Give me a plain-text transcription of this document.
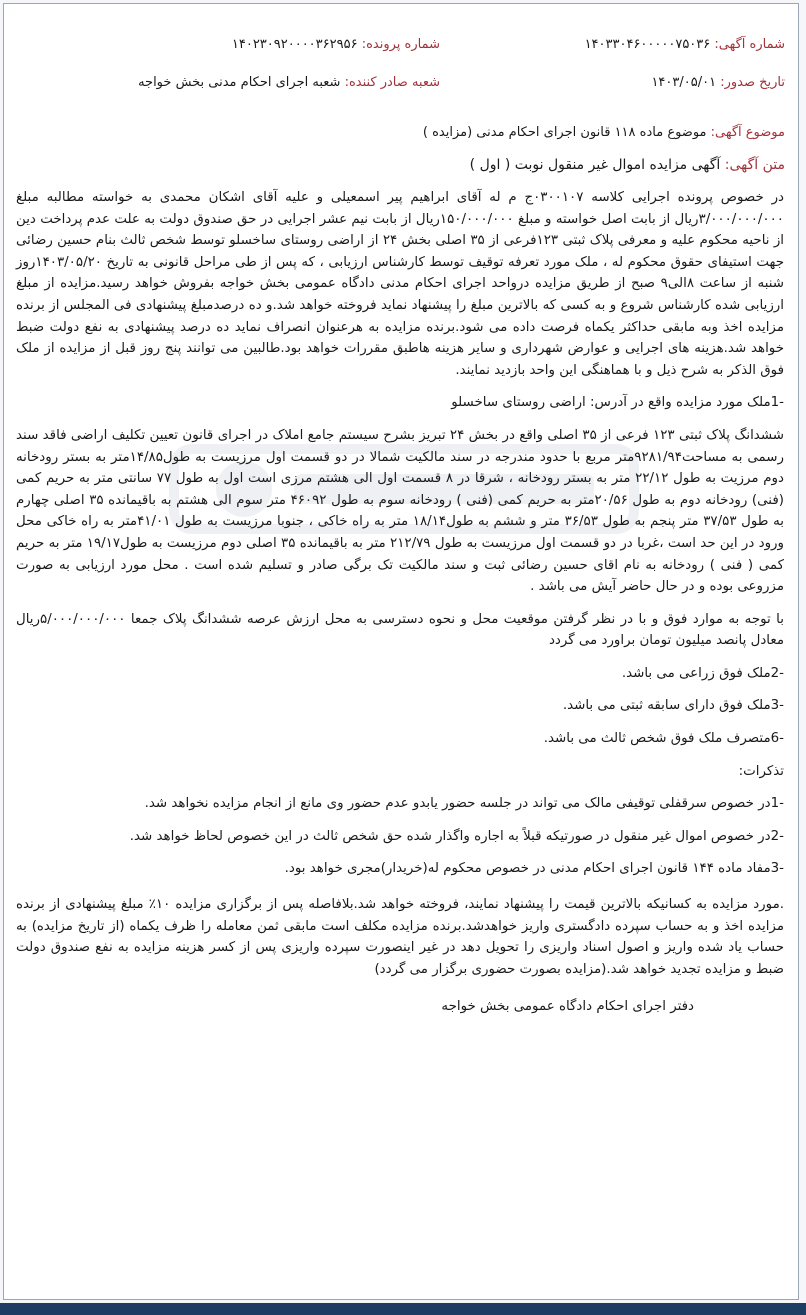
شماره آگهی: ۱۴۰۳۳۰۴۶۰۰۰۰۰۷۵۰۳۶
شماره پرونده: ۱۴۰۲۳۰۹۲۰۰۰۰۳۶۲۹۵۶
تاریخ صدور: ۱۴۰۳/۰۵/۰۱
شعبه صادر کننده: شعبه اجرای احکام مدنی بخش خواجه
موضوع آگهی: موضوع ماده ۱۱۸ قانون اجرای احکام مدنی (مزایده )
متن آگهی: آگهی مزایده اموال غیر منقول نوبت ( اول )

در خصوص پرونده اجرایی کلاسه ۰۳۰۰۱۰۷ج م له آقای ابراهیم پیر اسمعیلی و علیه آقای اشکان محمدی به خواسته مطالبه مبلغ ۳/۰۰۰/۰۰۰/۰۰۰ریال از بابت اصل خواسته و مبلغ ۱۵۰/۰۰۰/۰۰۰ریال از بابت نیم عشر اجرایی در حق صندوق دولت به علت عدم پرداخت دین از ناحیه محکوم علیه و معرفی پلاک ثبتی ۱۲۳فرعی از ۳۵ اصلی بخش ۲۴ از اراضی روستای ساخسلو توسط شخص ثالث بنام حسین رضائی جهت استیفای حقوق محکوم له ، ملک مورد تعرفه توقیف توسط کارشناس ارزیابی ، که پس از طی مراحل قانونی به تاریخ ۱۴۰۳/۰۵/۲۰روز شنبه از ساعت ۸الی۹ صبح از طریق مزایده درواحد اجرای احکام مدنی دادگاه عمومی بخش خواجه بفروش خواهد رسید.مزایده از مبلغ ارزیابی شده کارشناس شروع و به کسی که بالاترین مبلغ را پیشنهاد نماید فروخته خواهد شد.و ده درصدمبلغ پیشنهادی فی المجلس از برنده مزایده اخذ وبه مابقی حداکثر یکماه فرصت داده می شود.برنده مزایده به هرعنوان انصراف نماید ده درصد پیشنهادی به نفع دولت ضبط خواهد شد.هزینه های اجرایی و عوارض شهرداری و سایر هزینه هاطبق مقررات خواهد بود.طالبین می توانند پنج روز قبل از مزایده از ملک فوق الذکر به شرح ذیل و با هماهنگی این واحد بازدید نمایند.

-1ملک مورد مزایده واقع در آدرس: اراضی روستای ساخسلو

ششدانگ پلاک ثبتی ۱۲۳ فرعی از ۳۵ اصلی واقع در بخش ۲۴ تبریز بشرح سیستم جامع املاک در اجرای قانون تعیین تکلیف اراضی فاقد سند رسمی به مساحت۹۲۸۱/۹۴متر مربع با حدود مندرجه در سند مالکیت شمالا در دو قسمت اول مرزیست به طول۱۴/۸۵متر به بستر رودخانه دوم مرزیت به طول ۲۲/۱۲ متر به بستر رودخانه ، شرقا در ۸ قسمت اول الی هشتم مرزی است اول به طول ۷۷ سانتی متر به حریم کمی (فنی) رودخانه دوم به طول ۲۰/۵۶متر به حریم کمی (فنی ) رودخانه سوم به طول ۴۶۰۹۲ متر سوم الی هشتم به باقیمانده ۳۵ اصلی چهارم به طول ۳۷/۵۳ متر پنجم به طول ۳۶/۵۳ متر و ششم به طول۱۸/۱۴ متر به راه خاکی ، جنوبا مرزیست به طول ۴۱/۰۱متر به راه خاکی محل ورود در این حد است ،غربا در دو قسمت اول مرزیست به طول ۲۱۲/۷۹ متر به باقیمانده ۳۵ اصلی دوم مرزیست به طول۱۹/۱۷ متر به حریم کمی ( فنی ) رودخانه به نام اقای حسین رضائی ثبت و سند مالکیت تک برگی صادر و تسلیم شده است . محل مورد ارزیابی به صورت مزروعی بوده و در حال حاضر آیش می باشد .

با توجه به موارد فوق و با در نظر گرفتن موقعیت محل و نحوه دسترسی به محل ارزش عرصه ششدانگ پلاک جمعا ۵/۰۰۰/۰۰۰/۰۰۰ریال معادل پانصد میلیون تومان براورد می گردد

-2ملک فوق زراعی می باشد.

-3ملک فوق دارای سابقه ثبتی می باشد.

-6متصرف ملک فوق شخص ثالث می باشد.

تذکرات:

-1در خصوص سرقفلی توقیفی مالک می تواند در جلسه حضور یابدو عدم حضور وی مانع از انجام مزایده نخواهد شد.

-2در خصوص اموال غیر منقول در صورتیکه قبلاً به اجاره واگذار شده حق شخص ثالث در این خصوص لحاظ خواهد شد.

-3مفاد ماده ۱۴۴ قانون اجرای احکام مدنی در خصوص محکوم له(خریدار)مجری خواهد بود.

.مورد مزایده به کسانیکه بالاترین قیمت را پیشنهاد نمایند، فروخته خواهد شد.بلافاصله پس از برگزاری مزایده ۱۰٪ مبلغ پیشنهادی از برنده مزایده اخذ و به حساب سپرده دادگستری واریز خواهدشد.برنده مزایده مکلف است مابقی ثمن معامله را ظرف یکماه (از تاریخ مزایده) به حساب یاد شده واریز و اصول اسناد واریزی را تحویل دهد در غیر اینصورت سپرده واریزی پس از کسر هزینه مزایده به نفع صندوق دولت ضبط و مزایده تجدید خواهد شد.(مزایده بصورت حضوری برگزار می گردد)

دفتر اجرای احکام دادگاه عمومی بخش خواجه
